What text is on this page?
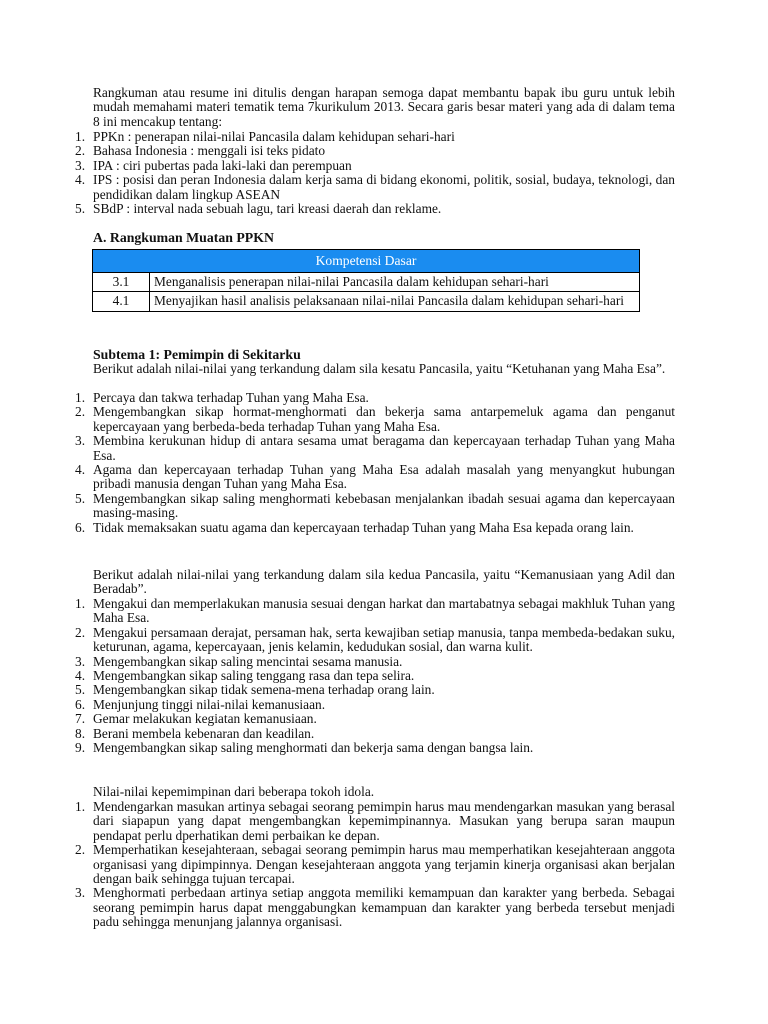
Rangkuman atau resume ini ditulis dengan harapan semoga dapat membantu bapak ibu guru untuk lebih mudah memahami materi tematik tema 7kurikulum 2013. Secara garis besar materi yang ada di dalam tema 8 ini mencakup tentang:

1. PPKn : penerapan nilai-nilai Pancasila dalam kehidupan sehari-hari
2. Bahasa Indonesia : menggali isi teks pidato
3. IPA : ciri pubertas pada laki-laki dan perempuan
4. IPS : posisi dan peran Indonesia dalam kerja sama di bidang ekonomi, politik, sosial, budaya, teknologi, dan pendidikan dalam lingkup ASEAN
5. SBdP : interval nada sebuah lagu, tari kreasi daerah dan reklame.
A. Rangkuman Muatan PPKN
Kompetensi Dasar	
3.1	Menganalisis penerapan nilai-nilai Pancasila dalam kehidupan sehari-hari
4.1	Menyajikan hasil analisis pelaksanaan nilai-nilai Pancasila dalam kehidupan sehari-hari
Subtema 1: Pemimpin di Sekitarku

Berikut adalah nilai-nilai yang terkandung dalam sila kesatu Pancasila, yaitu “Ketuhanan yang Maha Esa”.

1. Percaya dan takwa terhadap Tuhan yang Maha Esa.
2. Mengembangkan sikap hormat-menghormati dan bekerja sama antarpemeluk agama dan penganut kepercayaan yang berbeda-beda terhadap Tuhan yang Maha Esa.
3. Membina kerukunan hidup di antara sesama umat beragama dan kepercayaan terhadap Tuhan yang Maha Esa.
4. Agama dan kepercayaan terhadap Tuhan yang Maha Esa adalah masalah yang menyangkut hubungan pribadi manusia dengan Tuhan yang Maha Esa.
5. Mengembangkan sikap saling menghormati kebebasan menjalankan ibadah sesuai agama dan kepercayaan masing-masing.
6. Tidak memaksakan suatu agama dan kepercayaan terhadap Tuhan yang Maha Esa kepada orang lain.

Berikut adalah nilai-nilai yang terkandung dalam sila kedua Pancasila, yaitu “Kemanusiaan yang Adil dan Beradab”.

1. Mengakui dan memperlakukan manusia sesuai dengan harkat dan martabatnya sebagai makhluk Tuhan yang Maha Esa.
2. Mengakui persamaan derajat, persaman hak, serta kewajiban setiap manusia, tanpa membeda-bedakan suku, keturunan, agama, kepercayaan, jenis kelamin, kedudukan sosial, dan warna kulit.
3. Mengembangkan sikap saling mencintai sesama manusia.
4. Mengembangkan sikap saling tenggang rasa dan tepa selira.
5. Mengembangkan sikap tidak semena-mena terhadap orang lain.
6. Menjunjung tinggi nilai-nilai kemanusiaan.
7. Gemar melakukan kegiatan kemanusiaan.
8. Berani membela kebenaran dan keadilan.
9. Mengembangkan sikap saling menghormati dan bekerja sama dengan bangsa lain.

Nilai-nilai kepemimpinan dari beberapa tokoh idola.

1. Mendengarkan masukan artinya sebagai seorang pemimpin harus mau mendengarkan masukan yang berasal dari siapapun yang dapat mengembangkan kepemimpinannya. Masukan yang berupa saran maupun pendapat perlu dperhatikan demi perbaikan ke depan.
2. Memperhatikan kesejahteraan, sebagai seorang pemimpin harus mau memperhatikan kesejahteraan anggota organisasi yang dipimpinnya. Dengan kesejahteraan anggota yang terjamin kinerja organisasi akan berjalan dengan baik sehingga tujuan tercapai.
3. Menghormati perbedaan artinya setiap anggota memiliki kemampuan dan karakter yang berbeda. Sebagai seorang pemimpin harus dapat menggabungkan kemampuan dan karakter yang berbeda tersebut menjadi padu sehingga menunjang jalannya organisasi.
